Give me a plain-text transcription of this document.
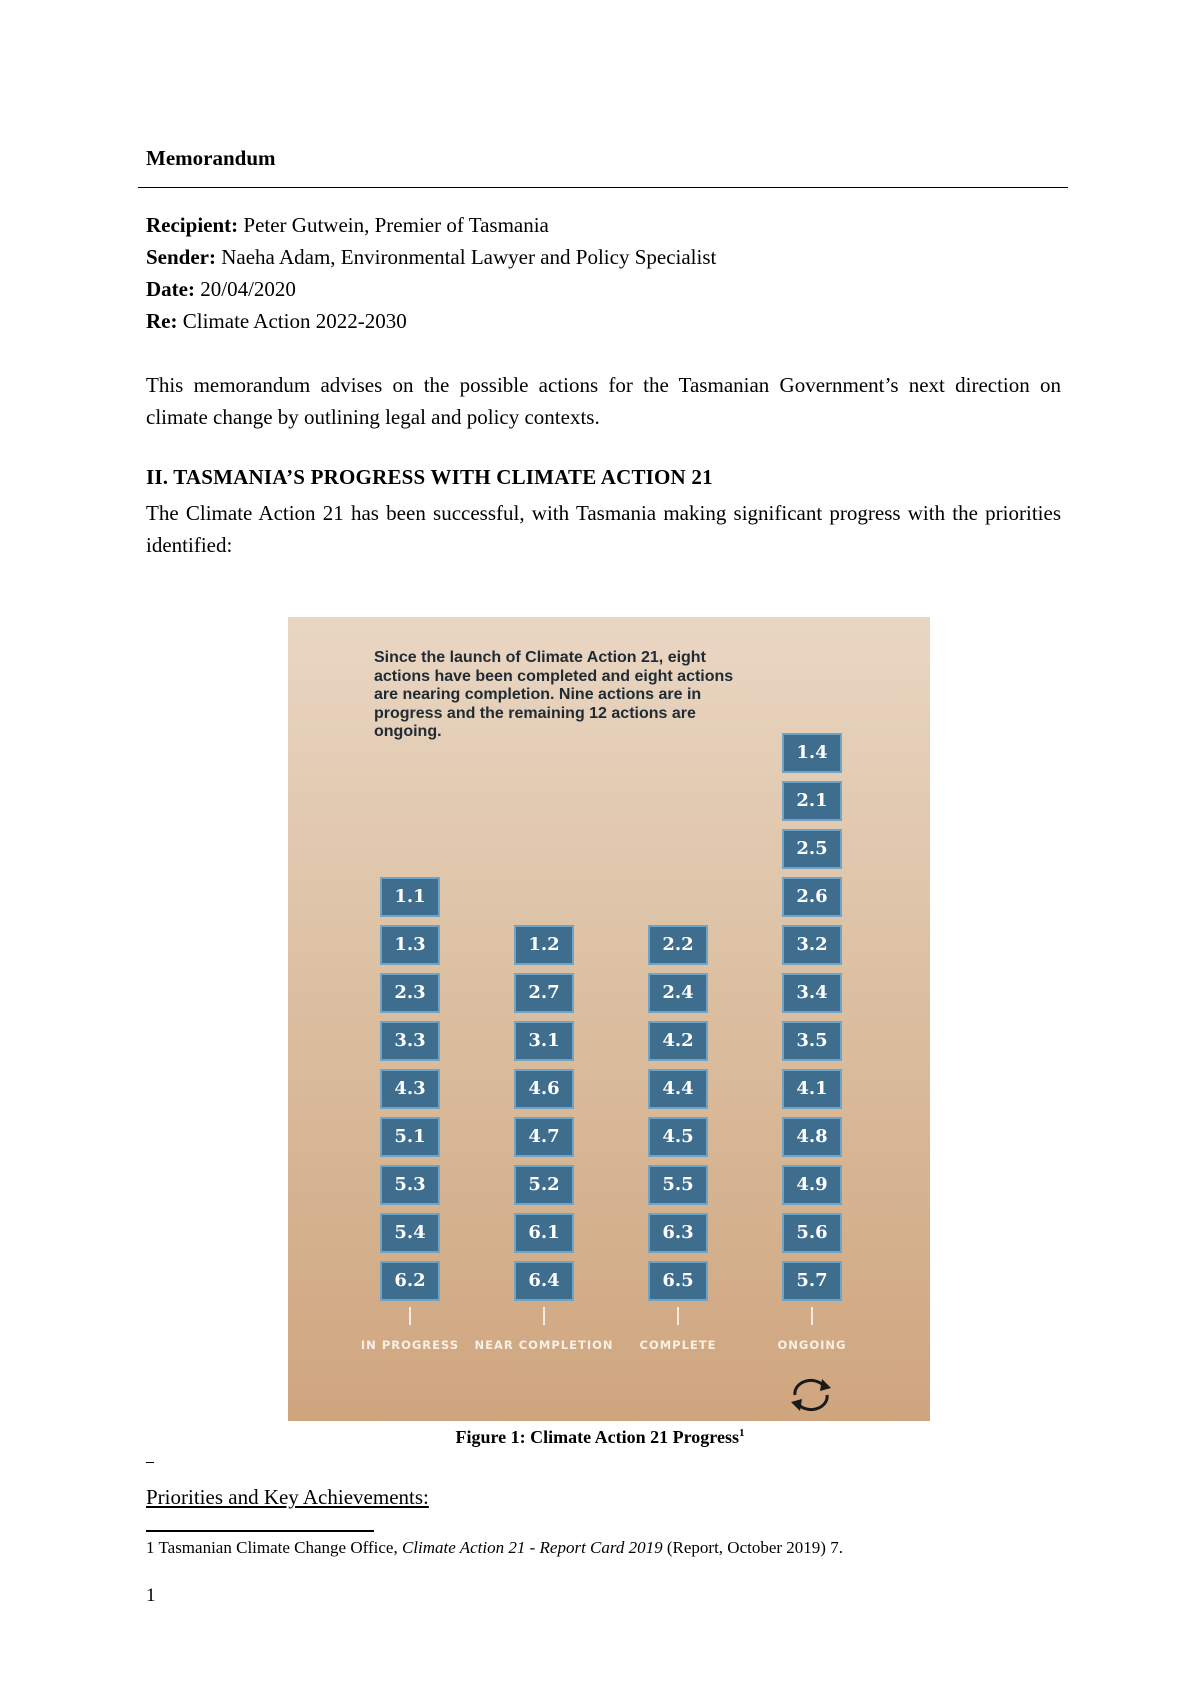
Memorandum
Recipient: Peter Gutwein, Premier of Tasmania
Sender: Naeha Adam, Environmental Lawyer and Policy Specialist
Date: 20/04/2020
Re: Climate Action 2022-2030
This memorandum advises on the possible actions for the Tasmanian Government’s next direction on climate change by outlining legal and policy contexts.
II. TASMANIA’S PROGRESS WITH CLIMATE ACTION 21
The Climate Action 21 has been successful, with Tasmania making significant progress with the priorities identified:
Since the launch of Climate Action 21, eight actions have been completed and eight actions are nearing completion. Nine actions are in progress and the remaining 12 actions are ongoing.
1.1
1.3
2.3
3.3
4.3
5.1
5.3
5.4
6.2
IN PROGRESS
1.2
2.7
3.1
4.6
4.7
5.2
6.1
6.4
NEAR COMPLETION
2.2
2.4
4.2
4.4
4.5
5.5
6.3
6.5
COMPLETE
1.4
2.1
2.5
2.6
3.2
3.4
3.5
4.1
4.8
4.9
5.6
5.7
ONGOING
Figure 1: Climate Action 21 Progress$^1$
Priorities and Key Achievements:
1 Tasmanian Climate Change Office, Climate Action 21 - Report Card 2019 (Report, October 2019) 7.
1
